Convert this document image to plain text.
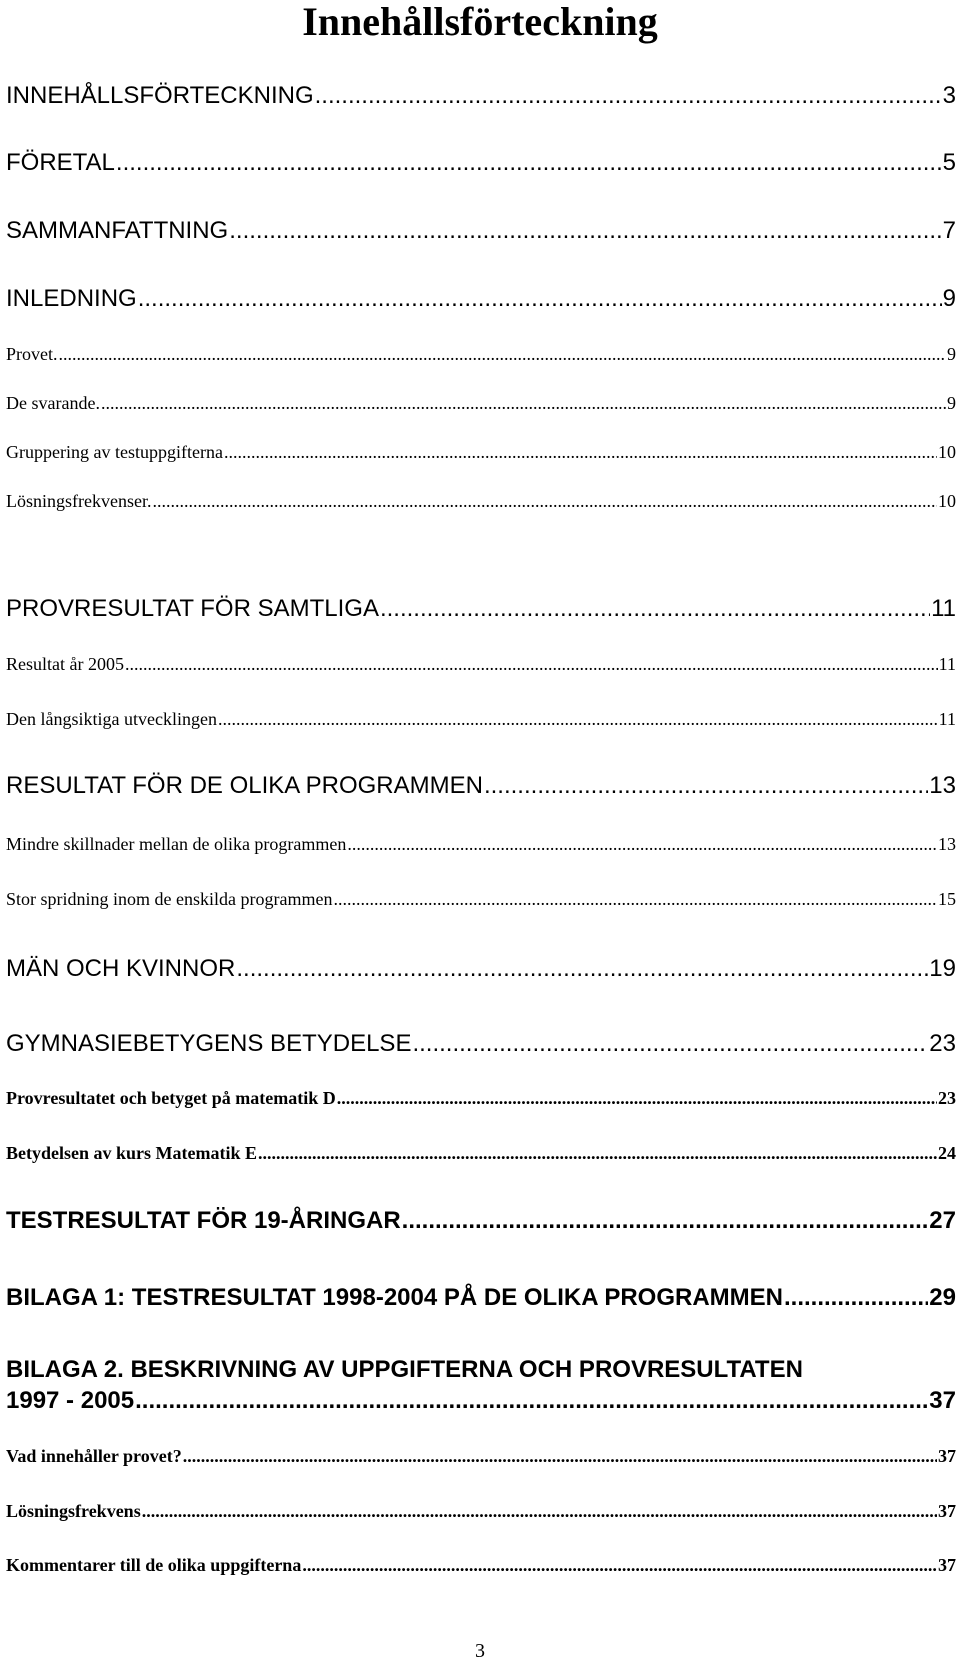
Innehållsförteckning
INNEHÅLLSFÖRTECKNING .....	3
FÖRETAL .....	5
SAMMANFATTNING .....	7
INLEDNING .....	9
Provet. .....	9
De svarande. .....	9
Gruppering av testuppgifterna .....	10
Lösningsfrekvenser. .....	10
PROVRESULTAT FÖR SAMTLIGA .....	11
Resultat år 2005 .....	11
Den långsiktiga utvecklingen .....	11
RESULTAT FÖR DE OLIKA PROGRAMMEN .....	13
Mindre skillnader mellan de olika programmen .....	13
Stor spridning inom de enskilda programmen .....	15
MÄN OCH KVINNOR .....	19
GYMNASIEBETYGENS BETYDELSE .....	23
Provresultatet och betyget på matematik D .....	23
Betydelsen av kurs Matematik E .....	24
TESTRESULTAT FÖR 19-ÅRINGAR .....	27
BILAGA 1: TESTRESULTAT 1998-2004 PÅ DE OLIKA PROGRAMMEN .....	29
BILAGA 2. BESKRIVNING AV UPPGIFTERNA OCH PROVRESULTATEN
1997 - 2005 .....	37
Vad innehåller provet? .....	37
Lösningsfrekvens .....	37
Kommentarer till de olika uppgifterna .....	37
3
